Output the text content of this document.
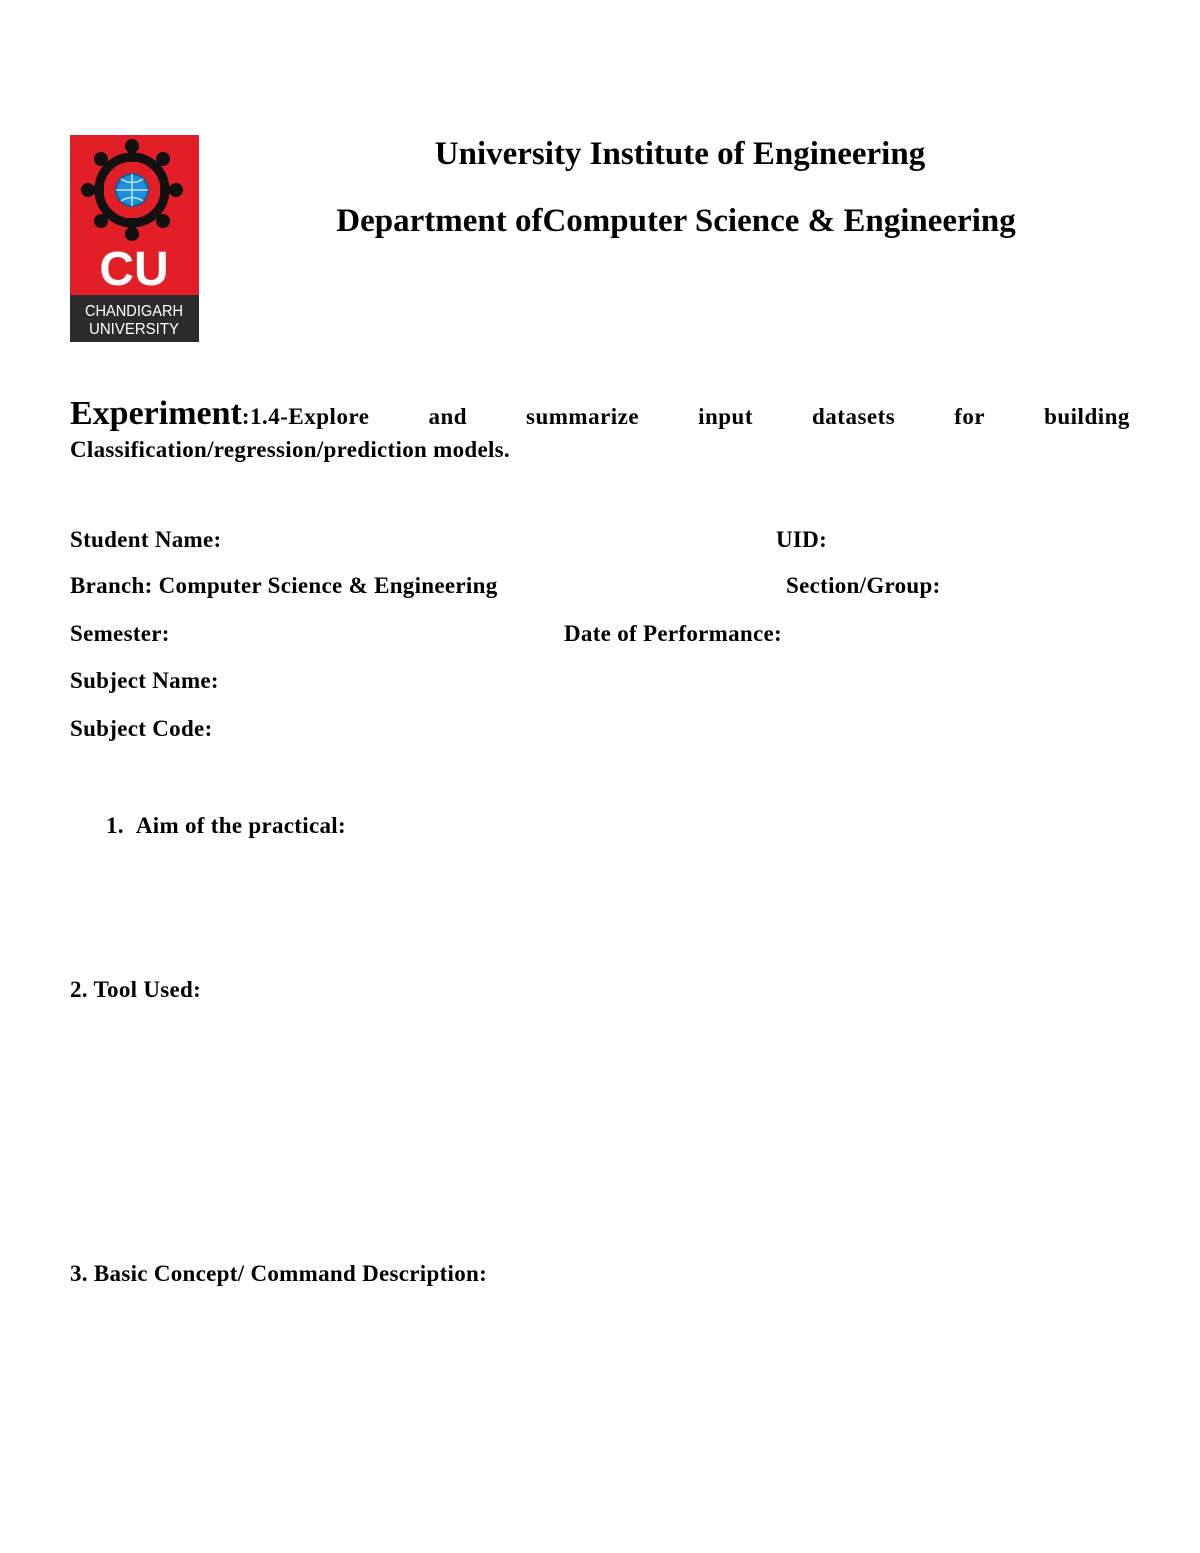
CU
CHANDIGARH
UNIVERSITY
University Institute of Engineering
Department ofComputer Science & Engineering
Experiment:1.4-Explore	and	summarize	input	datasets	for	building
Classification/regression/prediction models.
Student Name:	UID:
Branch: Computer Science & Engineering	Section/Group:
Semester:	Date of Performance:
Subject Name:
Subject Code:
1. Aim of the practical:
2. Tool Used:
3. Basic Concept/ Command Description:
